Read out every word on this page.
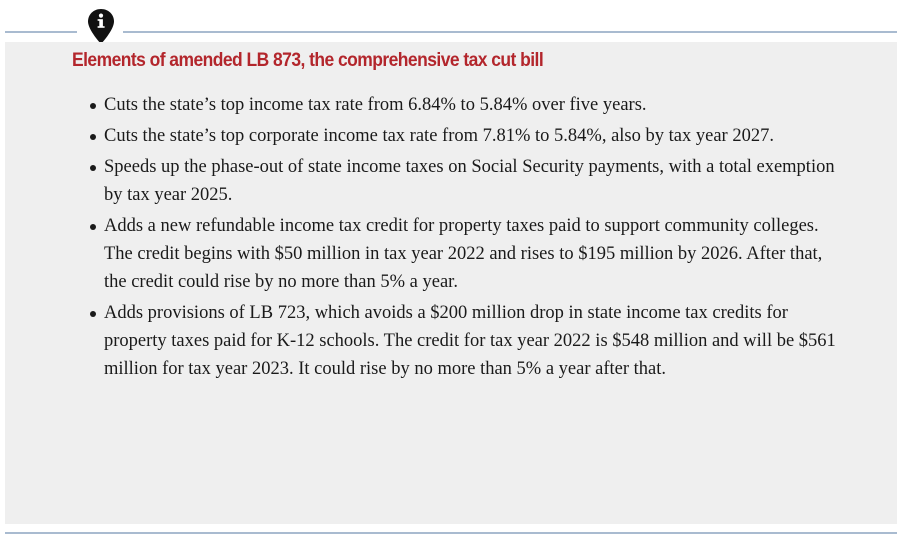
Elements of amended LB 873, the comprehensive tax cut bill
Cuts the state’s top income tax rate from 6.84% to 5.84% over five years.
Cuts the state’s top corporate income tax rate from 7.81% to 5.84%, also by tax year 2027.
Speeds up the phase-out of state income taxes on Social Security payments, with a total exemption by tax year 2025.
Adds a new refundable income tax credit for property taxes paid to support community colleges. The credit begins with $50 million in tax year 2022 and rises to $195 million by 2026. After that, the credit could rise by no more than 5% a year.
Adds provisions of LB 723, which avoids a $200 million drop in state income tax credits for property taxes paid for K-12 schools. The credit for tax year 2022 is $548 million and will be $561 million for tax year 2023. It could rise by no more than 5% a year after that.
